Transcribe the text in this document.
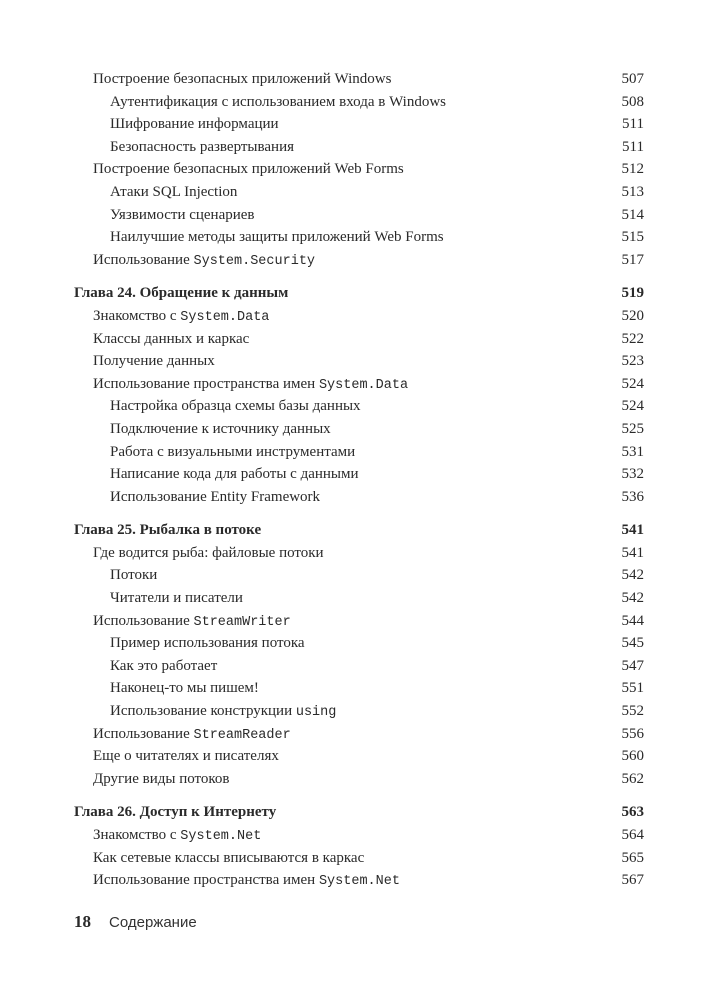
Построение безопасных приложений Windows	507
Аутентификация с использованием входа в Windows	508
Шифрование информации	511
Безопасность развертывания	511
Построение безопасных приложений Web Forms	512
Атаки SQL Injection	513
Уязвимости сценариев	514
Наилучшие методы защиты приложений Web Forms	515
Использование System.Security	517
Глава 24. Обращение к данным	519
Знакомство с System.Data	520
Классы данных и каркас	522
Получение данных	523
Использование пространства имен System.Data	524
Настройка образца схемы базы данных	524
Подключение к источнику данных	525
Работа с визуальными инструментами	531
Написание кода для работы с данными	532
Использование Entity Framework	536
Глава 25. Рыбалка в потоке	541
Где водится рыба: файловые потоки	541
Потоки	542
Читатели и писатели	542
Использование StreamWriter	544
Пример использования потока	545
Как это работает	547
Наконец-то мы пишем!	551
Использование конструкции using	552
Использование StreamReader	556
Еще о читателях и писателях	560
Другие виды потоков	562
Глава 26. Доступ к Интернету	563
Знакомство с System.Net	564
Как сетевые классы вписываются в каркас	565
Использование пространства имен System.Net	567
18 Содержание
